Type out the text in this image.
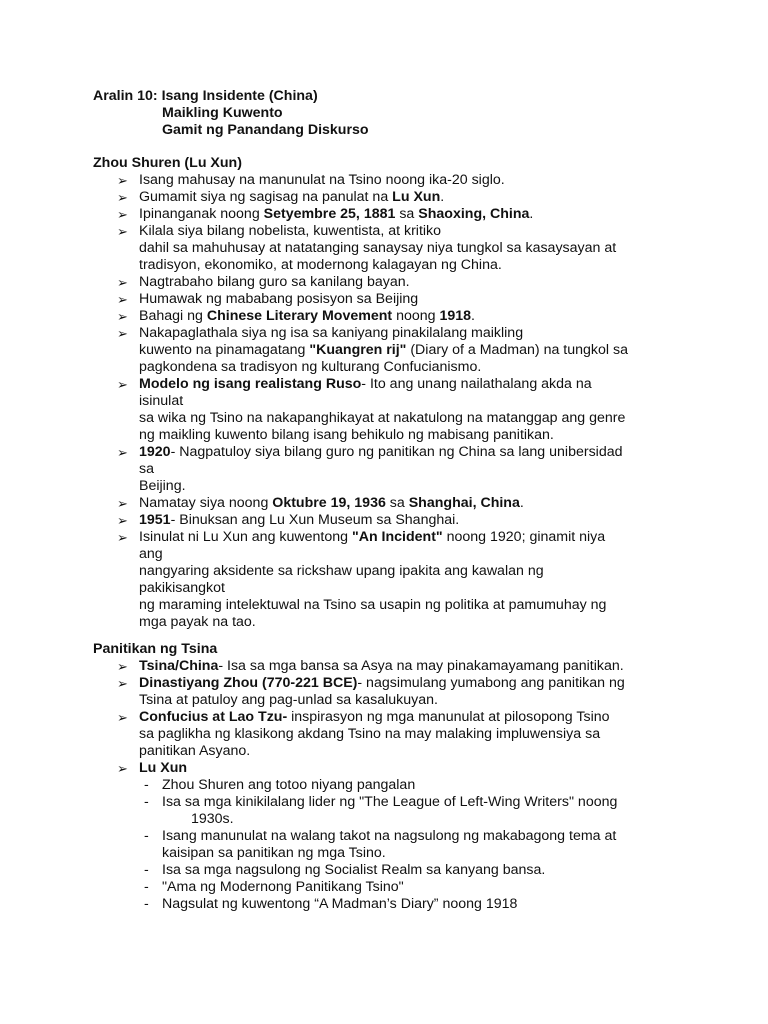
Aralin 10: Isang Insidente (China)
Maikling Kuwento
Gamit ng Panandang Diskurso
Zhou Shuren (Lu Xun)
➢ Isang mahusay na manunulat na Tsino noong ika-20 siglo.
➢ Gumamit siya ng sagisag na panulat na Lu Xun.
➢ Ipinanganak noong Setyembre 25, 1881 sa Shaoxing, China.
➢ Kilala siya bilang nobelista, kuwentista, at kritiko
dahil sa mahuhusay at natatanging sanaysay niya tungkol sa kasaysayan at
tradisyon, ekonomiko, at modernong kalagayan ng China.
➢ Nagtrabaho bilang guro sa kanilang bayan.
➢ Humawak ng mababang posisyon sa Beijing
➢ Bahagi ng Chinese Literary Movement noong 1918.
➢ Nakapaglathala siya ng isa sa kaniyang pinakilalang maikling
kuwento na pinamagatang "Kuangren rij" (Diary of a Madman) na tungkol sa
pagkondena sa tradisyon ng kulturang Confucianismo.
➢ Modelo ng isang realistang Ruso- Ito ang unang nailathalang akda na
isinulat
sa wika ng Tsino na nakapanghikayat at nakatulong na matanggap ang genre
ng maikling kuwento bilang isang behikulo ng mabisang panitikan.
➢ 1920- Nagpatuloy siya bilang guro ng panitikan ng China sa lang unibersidad
sa
Beijing.
➢ Namatay siya noong Oktubre 19, 1936 sa Shanghai, China.
➢ 1951- Binuksan ang Lu Xun Museum sa Shanghai.
➢ Isinulat ni Lu Xun ang kuwentong "An Incident" noong 1920; ginamit niya
ang
nangyaring aksidente sa rickshaw upang ipakita ang kawalan ng
pakikisangkot
ng maraming intelektuwal na Tsino sa usapin ng politika at pamumuhay ng
mga payak na tao.
Panitikan ng Tsina
➢ Tsina/China- Isa sa mga bansa sa Asya na may pinakamayamang panitikan.
➢ Dinastiyang Zhou (770-221 BCE)- nagsimulang yumabong ang panitikan ng
Tsina at patuloy ang pag-unlad sa kasalukuyan.
➢ Confucius at Lao Tzu- inspirasyon ng mga manunulat at pilosopong Tsino
sa paglikha ng klasikong akdang Tsino na may malaking impluwensiya sa
panitikan Asyano.
➢ Lu Xun
- Zhou Shuren ang totoo niyang pangalan
- Isa sa mga kinikilalang lider ng "The League of Left-Wing Writers" noong
1930s.
- Isang manunulat na walang takot na nagsulong ng makabagong tema at
kaisipan sa panitikan ng mga Tsino.
- Isa sa mga nagsulong ng Socialist Realm sa kanyang bansa.
- "Ama ng Modernong Panitikang Tsino"
- Nagsulat ng kuwentong “A Madman’s Diary” noong 1918
